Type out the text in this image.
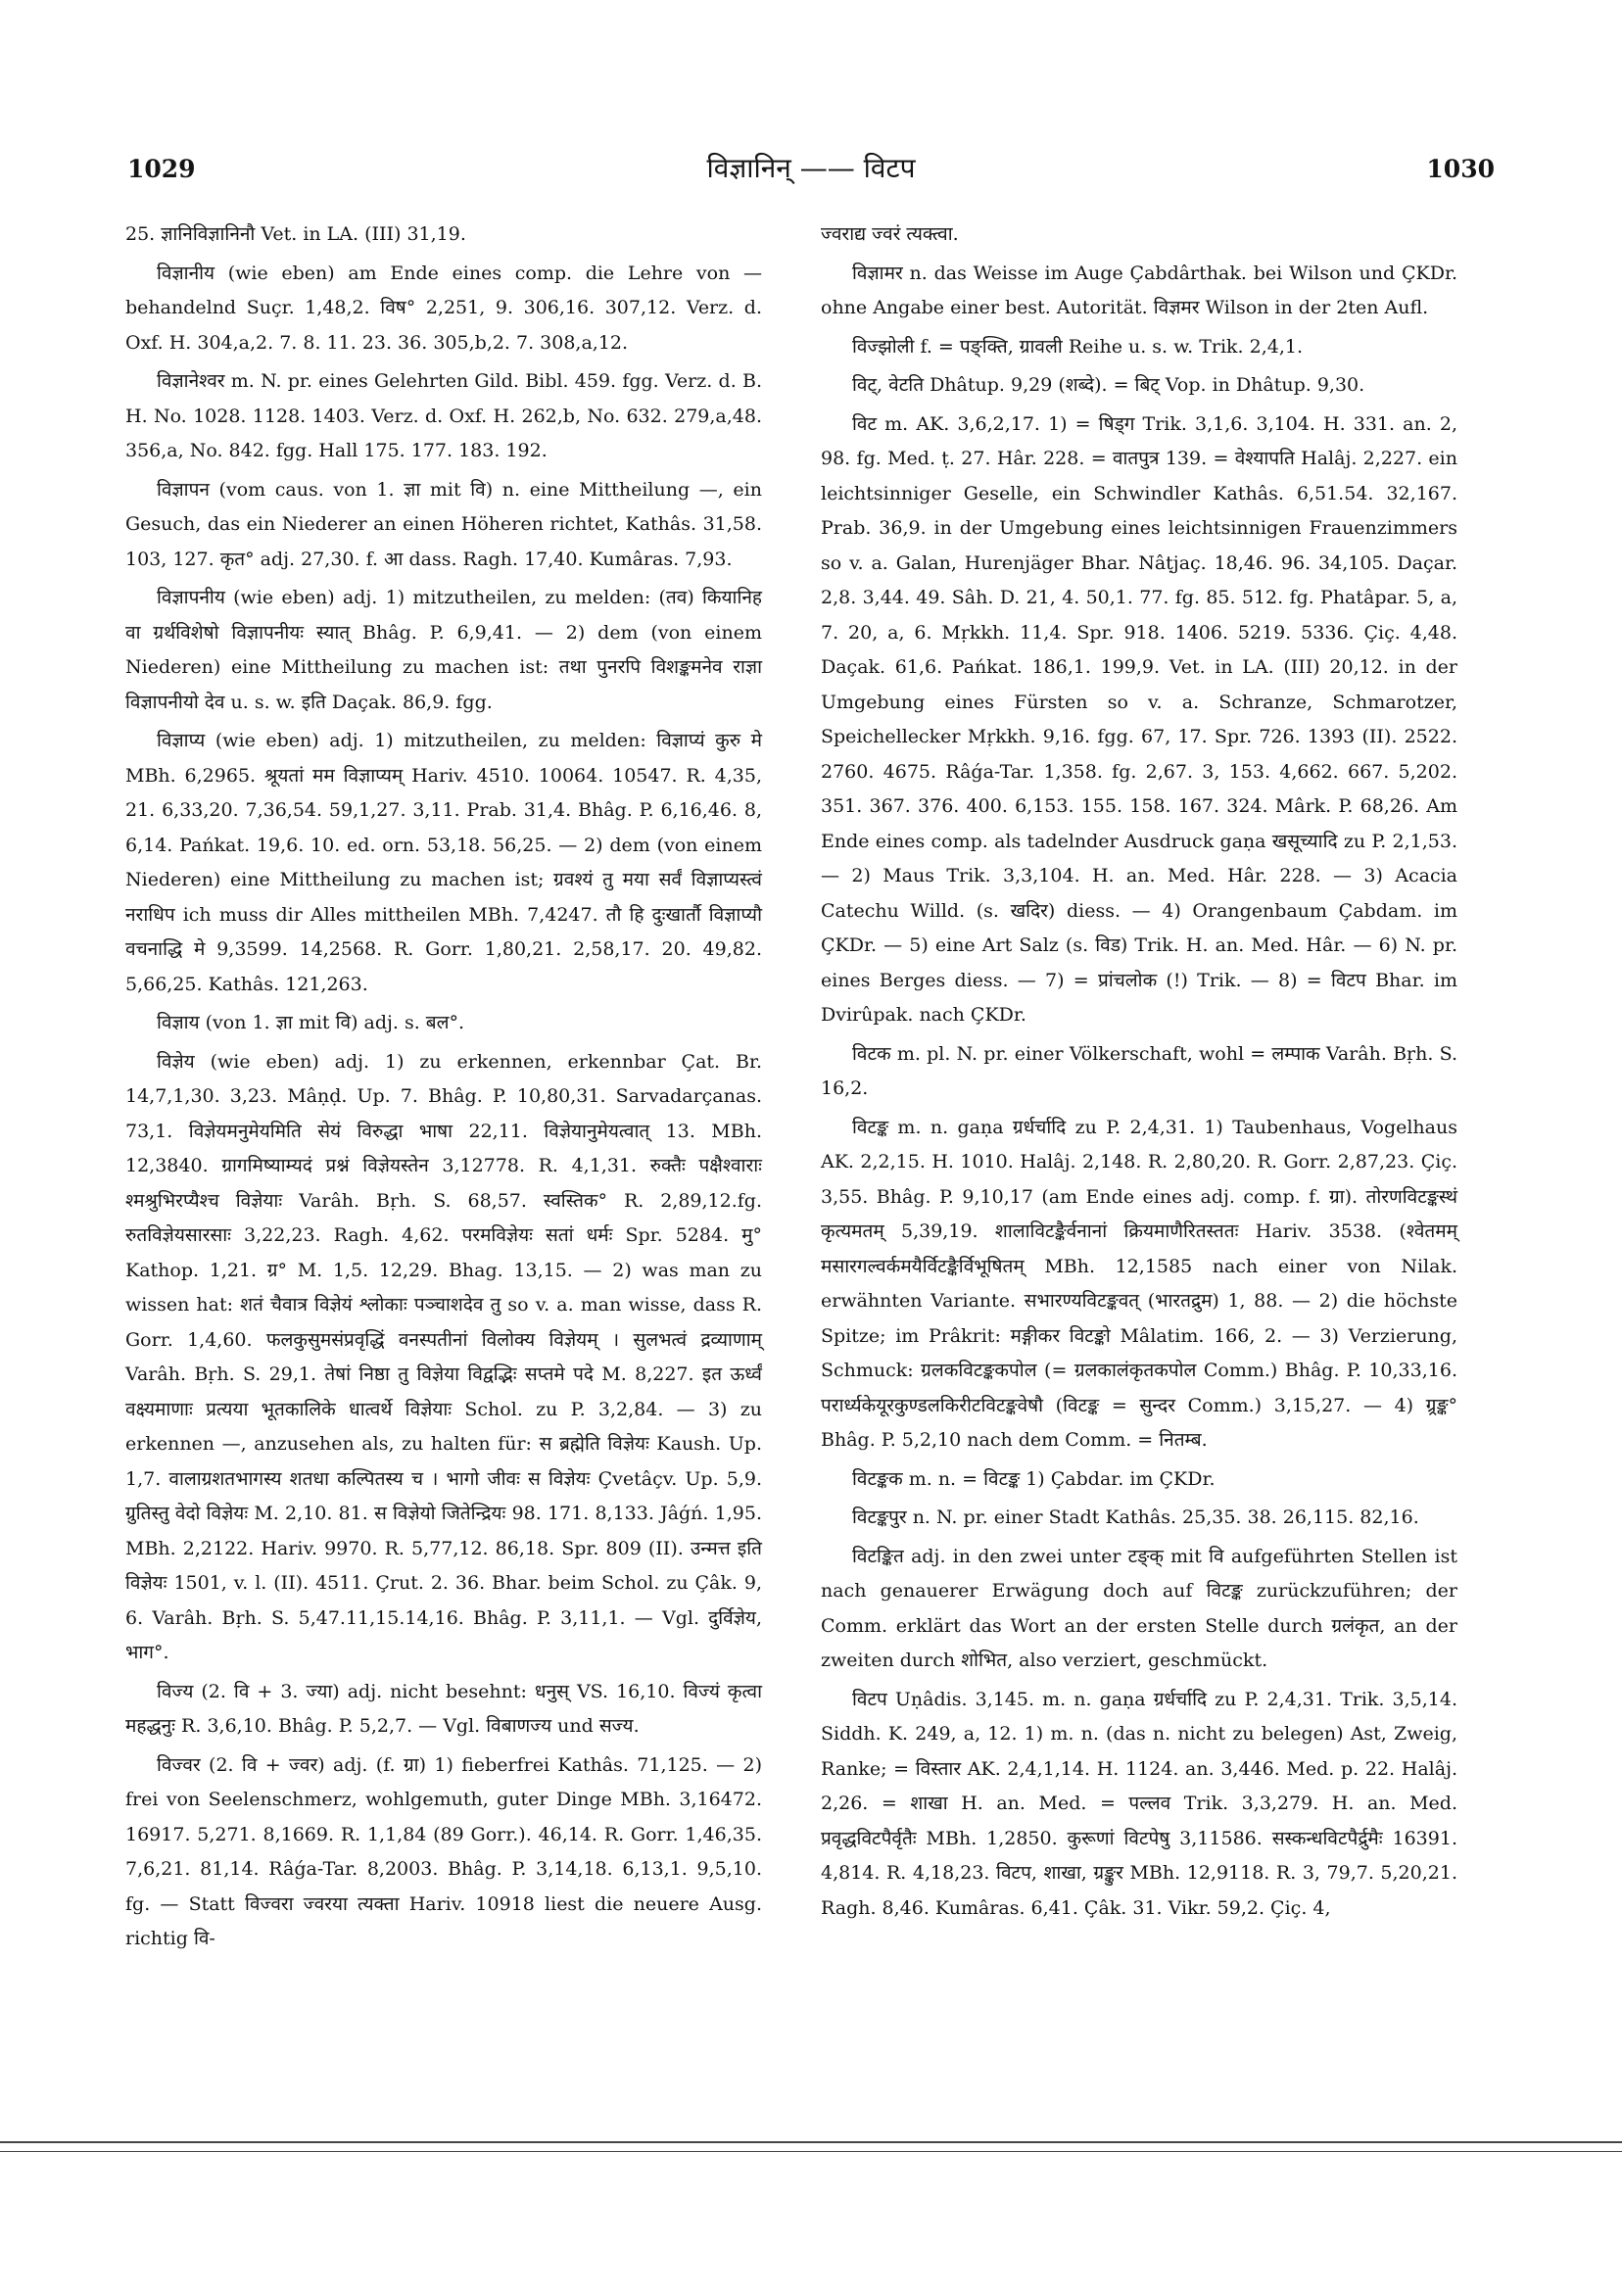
1029	विज्ञानिन् —— विटप	1030

25. ज्ञानिविज्ञानिनौ Vet. in LA. (III) 31,19.

विज्ञानीय (wie eben) am Ende eines comp. die Lehre von — behandelnd Suçr. 1,48,2. विष° 2,251, 9. 306,16. 307,12. Verz. d. Oxf. H. 304,a,2. 7. 8. 11. 23. 36. 305,b,2. 7. 308,a,12.

विज्ञानेश्वर m. N. pr. eines Gelehrten Gild. Bibl. 459. fgg. Verz. d. B. H. No. 1028. 1128. 1403. Verz. d. Oxf. H. 262,b, No. 632. 279,a,48. 356,a, No. 842. fgg. Hall 175. 177. 183. 192.

विज्ञापन (vom caus. von 1. ज्ञा mit वि) n. eine Mittheilung —, ein Gesuch, das ein Niederer an einen Höheren richtet, Kathâs. 31,58. 103, 127. कृत° adj. 27,30. f. आ dass. Ragh. 17,40. Kumâras. 7,93.

विज्ञापनीय (wie eben) adj. 1) mitzutheilen, zu melden: (तव) कियानिह वा ग्रर्थविशेषो विज्ञापनीयः स्यात् Bhâg. P. 6,9,41. — 2) dem (von einem Niederen) eine Mittheilung zu machen ist: तथा पुनरपि विशङ्कमनेव राज्ञा विज्ञापनीयो देव u. s. w. इति Daçak. 86,9. fgg.

विज्ञाप्य (wie eben) adj. 1) mitzutheilen, zu melden: विज्ञाप्यं कुरु मे MBh. 6,2965. श्रूयतां मम विज्ञाप्यम् Hariv. 4510. 10064. 10547. R. 4,35, 21. 6,33,20. 7,36,54. 59,1,27. 3,11. Prab. 31,4. Bhâg. P. 6,16,46. 8, 6,14. Pańkat. 19,6. 10. ed. orn. 53,18. 56,25. — 2) dem (von einem Niederen) eine Mittheilung zu machen ist; ग्रवश्यं तु मया सर्वं विज्ञाप्यस्त्वं नराधिप ich muss dir Alles mittheilen MBh. 7,4247. तौ हि दुःखार्तौ विज्ञाप्यौ वचनाद्धि मे 9,3599. 14,2568. R. Gorr. 1,80,21. 2,58,17. 20. 49,82. 5,66,25. Kathâs. 121,263.

विज्ञाय (von 1. ज्ञा mit वि) adj. s. बल°.

विज्ञेय (wie eben) adj. 1) zu erkennen, erkennbar Çat. Br. 14,7,1,30. 3,23. Mâṇḍ. Up. 7. Bhâg. P. 10,80,31. Sarvadarçanas. 73,1. विज्ञेयमनुमेयमिति सेयं विरुद्धा भाषा 22,11. विज्ञेयानुमेयत्वात् 13. MBh. 12,3840. ग्रागमिष्याम्यदं प्रश्नं विज्ञेयस्तेन 3,12778. R. 4,1,31. रुक्तैः पक्षैश्वाराः श्मश्रुभिरप्यैश्च विज्ञेयाः Varâh. Bṛh. S. 68,57. स्वस्तिक° R. 2,89,12.fg. रुतविज्ञेयसारसाः 3,22,23. Ragh. 4,62. परमविज्ञेयः सतां धर्मः Spr. 5284. मु° Kathop. 1,21. ग्र° M. 1,5. 12,29. Bhag. 13,15. — 2) was man zu wissen hat: शतं चैवात्र विज्ञेयं श्लोकाः पञ्चाशदेव तु so v. a. man wisse, dass R. Gorr. 1,4,60. फलकुसुमसंप्रवृद्धिं वनस्पतीनां विलोक्य विज्ञेयम् । सुलभत्वं द्रव्याणाम् Varâh. Bṛh. S. 29,1. तेषां निष्ठा तु विज्ञेया विद्वद्भिः सप्तमे पदे M. 8,227. इत ऊर्ध्वं वक्ष्यमाणाः प्रत्यया भूतकालिके धात्वर्थे विज्ञेयाः Schol. zu P. 3,2,84. — 3) zu erkennen —, anzusehen als, zu halten für: स ब्रह्मेति विज्ञेयः Kaush. Up. 1,7. वालाग्रशतभागस्य शतधा कल्पितस्य च । भागो जीवः स विज्ञेयः Çvetâçv. Up. 5,9. ग्रुतिस्तु वेदो विज्ञेयः M. 2,10. 81. स विज्ञेयो जितेन्द्रियः 98. 171. 8,133. Jâǵń. 1,95. MBh. 2,2122. Hariv. 9970. R. 5,77,12. 86,18. Spr. 809 (II). उन्मत्त इति विज्ञेयः 1501, v. l. (II). 4511. Çrut. 2. 36. Bhar. beim Schol. zu Çâk. 9, 6. Varâh. Bṛh. S. 5,47.11,15.14,16. Bhâg. P. 3,11,1. — Vgl. दुर्विज्ञेय, भाग°.

विज्य (2. वि + 3. ज्या) adj. nicht besehnt: धनुस् VS. 16,10. विज्यं कृत्वा महद्धनुः R. 3,6,10. Bhâg. P. 5,2,7. — Vgl. विबाणज्य und सज्य.

विज्वर (2. वि + ज्वर) adj. (f. ग्रा) 1) fieberfrei Kathâs. 71,125. — 2) frei von Seelenschmerz, wohlgemuth, guter Dinge MBh. 3,16472. 16917. 5,271. 8,1669. R. 1,1,84 (89 Gorr.). 46,14. R. Gorr. 1,46,35. 7,6,21. 81,14. Râǵa-Tar. 8,2003. Bhâg. P. 3,14,18. 6,13,1. 9,5,10. fg. — Statt विज्वरा ज्वरया त्यक्ता Hariv. 10918 liest die neuere Ausg. richtig वि-

ज्वराद्य ज्वरं त्यक्त्वा.

विज्ञामर n. das Weisse im Auge Çabdârthak. bei Wilson und ÇKDr. ohne Angabe einer best. Autorität. विज्ञमर Wilson in der 2ten Aufl.

विज्झोली f. = पङ्क्ति, ग्रावली Reihe u. s. w. Trik. 2,4,1.

विट्, वेटति Dhâtup. 9,29 (शब्दे). = बिट् Vop. in Dhâtup. 9,30.

विट m. AK. 3,6,2,17. 1) = षिड्ग Trik. 3,1,6. 3,104. H. 331. an. 2, 98. fg. Med. ṭ. 27. Hâr. 228. = वातपुत्र 139. = वेश्यापति Halâj. 2,227. ein leichtsinniger Geselle, ein Schwindler Kathâs. 6,51.54. 32,167. Prab. 36,9. in der Umgebung eines leichtsinnigen Frauenzimmers so v. a. Galan, Hurenjäger Bhar. Nâṭjaç. 18,46. 96. 34,105. Daçar. 2,8. 3,44. 49. Sâh. D. 21, 4. 50,1. 77. fg. 85. 512. fg. Phatâpar. 5, a, 7. 20, a, 6. Mṛkkh. 11,4. Spr. 918. 1406. 5219. 5336. Çiç. 4,48. Daçak. 61,6. Pańkat. 186,1. 199,9. Vet. in LA. (III) 20,12. in der Umgebung eines Fürsten so v. a. Schranze, Schmarotzer, Speichellecker Mṛkkh. 9,16. fgg. 67, 17. Spr. 726. 1393 (II). 2522. 2760. 4675. Râǵa-Tar. 1,358. fg. 2,67. 3, 153. 4,662. 667. 5,202. 351. 367. 376. 400. 6,153. 155. 158. 167. 324. Mârk. P. 68,26. Am Ende eines comp. als tadelnder Ausdruck gaṇa खसूच्यादि zu P. 2,1,53. — 2) Maus Trik. 3,3,104. H. an. Med. Hâr. 228. — 3) Acacia Catechu Willd. (s. खदिर) diess. — 4) Orangenbaum Çabdam. im ÇKDr. — 5) eine Art Salz (s. विड) Trik. H. an. Med. Hâr. — 6) N. pr. eines Berges diess. — 7) = प्रांचलोक (!) Trik. — 8) = विटप Bhar. im Dvirûpak. nach ÇKDr.

विटक m. pl. N. pr. einer Völkerschaft, wohl = लम्पाक Varâh. Bṛh. S. 16,2.

विटङ्क m. n. gaṇa ग्रर्धर्चादि zu P. 2,4,31. 1) Taubenhaus, Vogelhaus AK. 2,2,15. H. 1010. Halâj. 2,148. R. 2,80,20. R. Gorr. 2,87,23. Çiç. 3,55. Bhâg. P. 9,10,17 (am Ende eines adj. comp. f. ग्रा). तोरणविटङ्कस्थं कृत्यमतम् 5,39,19. शालाविटङ्कैर्वनानां क्रियमाणैरितस्ततः Hariv. 3538. (श्वेतमम् मसारगल्वर्कमयैर्विटङ्कैर्विभूषितम् MBh. 12,1585 nach einer von Nilak. erwähnten Variante. सभारण्यविटङ्कवत् (भारतद्रुम) 1, 88. — 2) die höchste Spitze; im Prâkrit: मङ्गीकर विटङ्को Mâlatim. 166, 2. — 3) Verzierung, Schmuck: ग्रलकविटङ्ककपोल (= ग्रलकालंकृतकपोल Comm.) Bhâg. P. 10,33,16. परार्ध्यकेयूरकुण्डलकिरीटविटङ्कवेषौ (विटङ्क = सुन्दर Comm.) 3,15,27. — 4) ग्र्रङ्क° Bhâg. P. 5,2,10 nach dem Comm. = नितम्ब.

विटङ्कक m. n. = विटङ्क 1) Çabdar. im ÇKDr.

विटङ्कपुर n. N. pr. einer Stadt Kathâs. 25,35. 38. 26,115. 82,16.

विटङ्कित adj. in den zwei unter टङ्क् mit वि aufgeführten Stellen ist nach genauerer Erwägung doch auf विटङ्क zurückzuführen; der Comm. erklärt das Wort an der ersten Stelle durch ग्रलंकृत, an der zweiten durch शोभित, also verziert, geschmückt.

विटप Uṇâdis. 3,145. m. n. gaṇa ग्रर्धर्चादि zu P. 2,4,31. Trik. 3,5,14. Siddh. K. 249, a, 12. 1) m. n. (das n. nicht zu belegen) Ast, Zweig, Ranke; = विस्तार AK. 2,4,1,14. H. 1124. an. 3,446. Med. p. 22. Halâj. 2,26. = शाखा H. an. Med. = पल्लव Trik. 3,3,279. H. an. Med. प्रवृद्धविटपैर्वृतैः MBh. 1,2850. कुरूणां विटपेषु 3,11586. सस्कन्धविटपैर्द्रुमैः 16391. 4,814. R. 4,18,23. विटप, शाखा, ग्रङ्कुर MBh. 12,9118. R. 3, 79,7. 5,20,21. Ragh. 8,46. Kumâras. 6,41. Çâk. 31. Vikr. 59,2. Çiç. 4,
